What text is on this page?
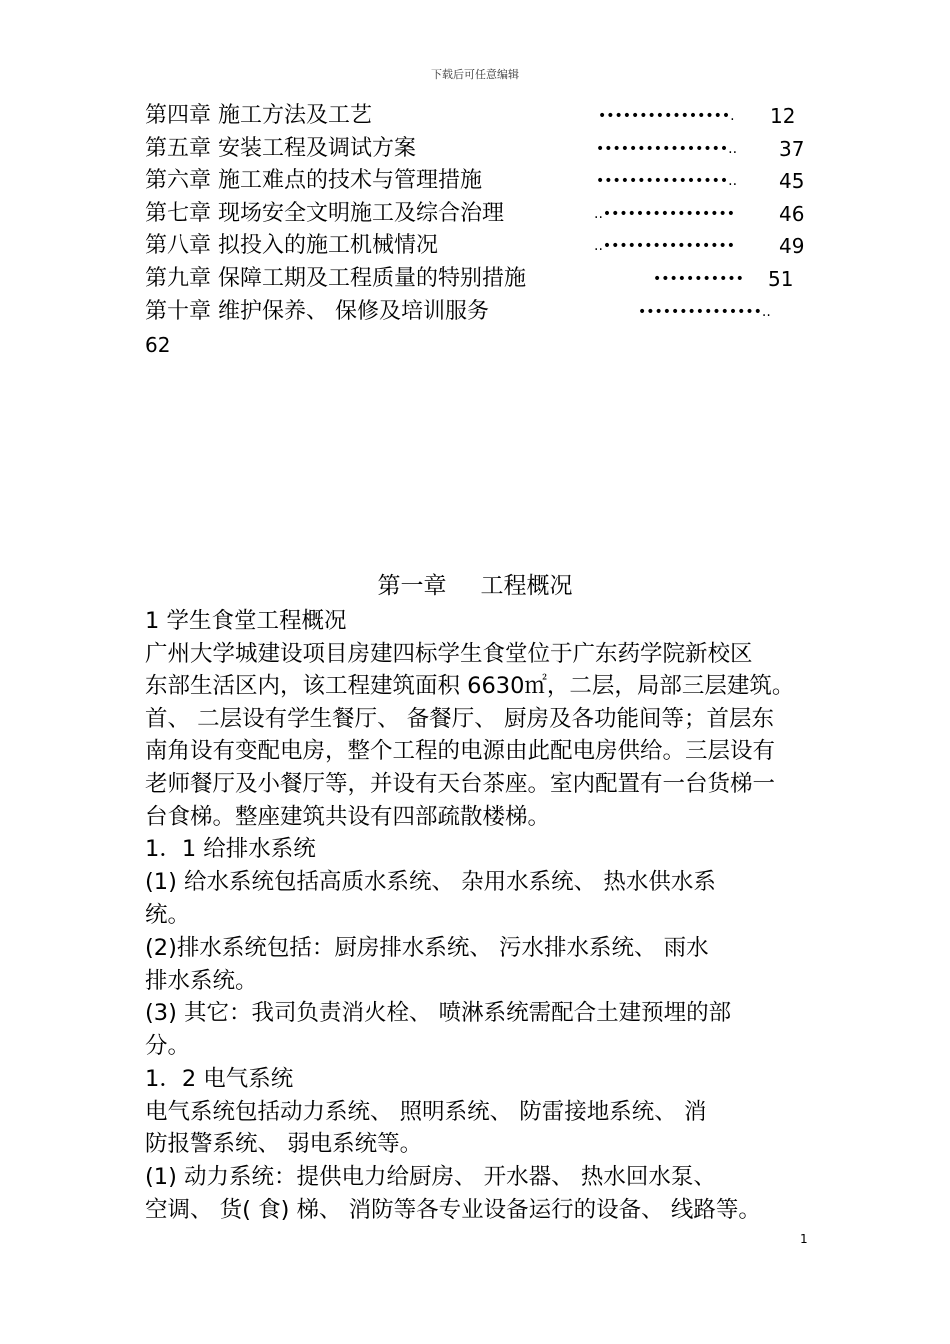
下载后可任意编辑
第四章 施工方法及工艺	••••••••••••••••. 12
第五章 安装工程及调试方案	••••••••••••••••.. 37
第六章 施工难点的技术与管理措施	••••••••••••••••.. 45
第七章 现场安全文明施工及综合治理	..•••••••••••••••• 46
第八章 拟投入的施工机械情况	..•••••••••••••••• 49
第九章 保障工期及工程质量的特别措施	••••••••••• 51
第十章 维护保养、 保修及培训服务	•••••••••••••••..
62
第一章 工程概况
1 学生食堂工程概况
广州大学城建设项目房建四标学生食堂位于广东药学院新校区
东部生活区内，该工程建筑面积 6630㎡，二层，局部三层建筑。
首、 二层设有学生餐厅、 备餐厅、 厨房及各功能间等；首层东
南角设有变配电房，整个工程的电源由此配电房供给。三层设有
老师餐厅及小餐厅等，并设有天台茶座。室内配置有一台货梯一
台食梯。整座建筑共设有四部疏散楼梯。
1．1 给排水系统
(1) 给水系统包括高质水系统、 杂用水系统、 热水供水系
统。
(2)排水系统包括：厨房排水系统、 污水排水系统、 雨水
排水系统。
(3) 其它：我司负责消火栓、 喷淋系统需配合土建预埋的部
分。
1．2 电气系统
电气系统包括动力系统、 照明系统、 防雷接地系统、 消
防报警系统、 弱电系统等。
(1) 动力系统：提供电力给厨房、 开水器、 热水回水泵、
空调、 货( 食) 梯、 消防等各专业设备运行的设备、 线路等。
1
